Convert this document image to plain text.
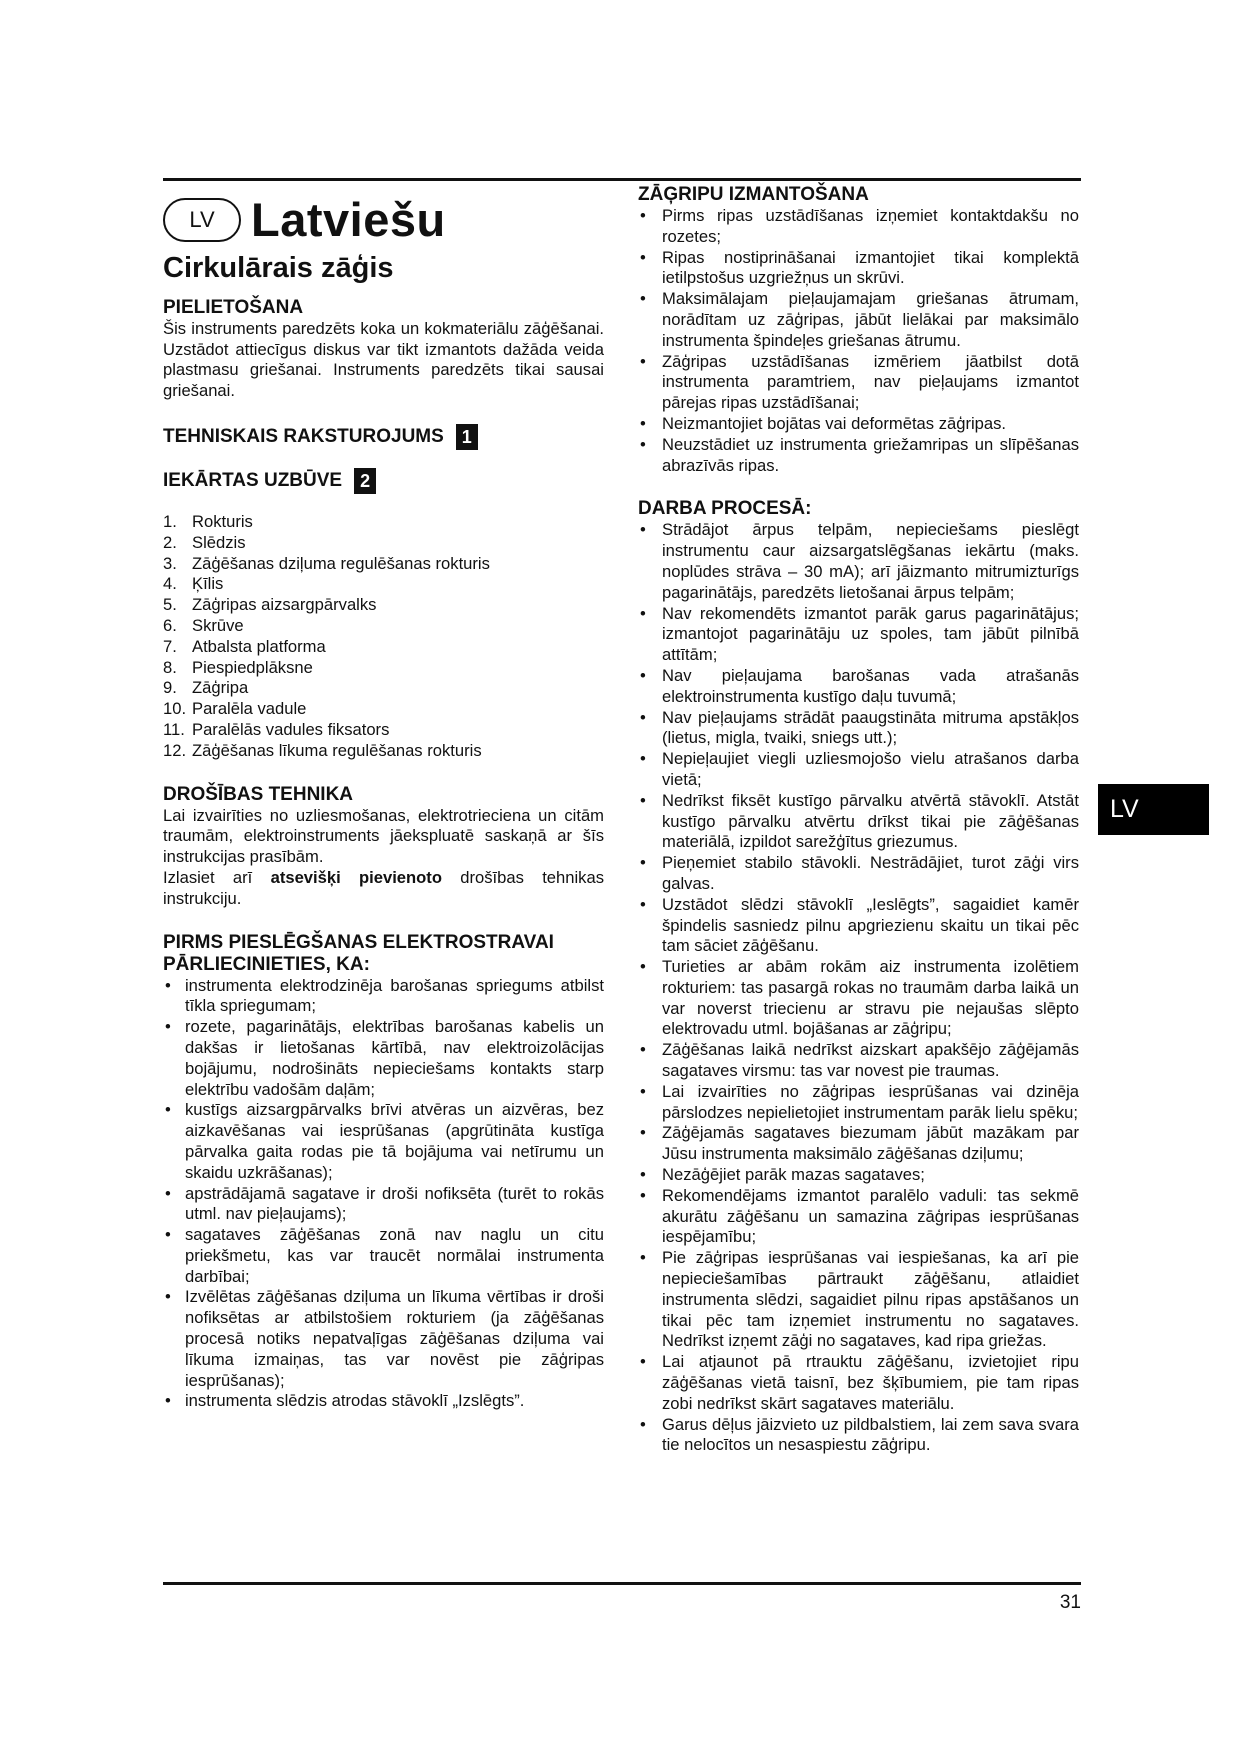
LV Latviešu
Cirkulārais zāģis
PIELIETOŠANA

Šis instruments paredzēts koka un kokmateriālu zāģēšanai. Uzstādot attiecīgus diskus var tikt izmantots dažāda veida plastmasu griešanai. Instruments paredzēts tikai sausai griešanai.

TEHNISKAIS RAKSTUROJUMS 1
IEKĀRTAS UZBŪVE 2
1. Rokturis
2. Slēdzis
3. Zāģēšanas dziļuma regulēšanas rokturis
4. Ķīlis
5. Zāģripas aizsargpārvalks
6. Skrūve
7. Atbalsta platforma
8. Piespiedplāksne
9. Zāģripa
10. Paralēla vadule
11. Paralēlās vadules fiksators
12. Zāģēšanas līkuma regulēšanas rokturis
DROŠĪBAS TEHNIKA

Lai izvairīties no uzliesmošanas, elektrotrieciena un citām traumām, elektroinstruments jāekspluatē saskaņā ar šīs instrukcijas prasībām.

Izlasiet arī atsevišķi pievienoto drošības tehnikas instrukciju.

PIRMS PIESLĒGŠANAS ELEKTROSTRAVAI PĀRLIECINIETIES, KA:
• instrumenta elektrodzinēja barošanas spriegums atbilst tīkla spriegumam;
• rozete, pagarinātājs, elektrības barošanas kabelis un dakšas ir lietošanas kārtībā, nav elektroizolācijas bojājumu, nodrošināts nepieciešams kontakts starp elektrību vadošām daļām;
• kustīgs aizsargpārvalks brīvi atvēras un aizvēras, bez aizkavēšanas vai iesprūšanas (apgrūtināta kustīga pārvalka gaita rodas pie tā bojājuma vai netīrumu un skaidu uzkrāšanas);
• apstrādājamā sagatave ir droši nofiksēta (turēt to rokās utml. nav pieļaujams);
• sagataves zāģēšanas zonā nav naglu un citu priekšmetu, kas var traucēt normālai instrumenta darbībai;
• Izvēlētas zāģēšanas dziļuma un līkuma vērtības ir droši nofiksētas ar atbilstošiem rokturiem (ja zāģēšanas procesā notiks nepatvaļīgas zāģēšanas dziļuma vai līkuma izmaiņas, tas var novēst pie zāģripas iesprūšanas);
• instrumenta slēdzis atrodas stāvoklī „Izslēgts”.
ZĀĢRIPU IZMANTOŠANA
• Pirms ripas uzstādīšanas izņemiet kontaktdakšu no rozetes;
• Ripas nostiprināšanai izmantojiet tikai komplektā ietilpstošus uzgriežņus un skrūvi.
• Maksimālajam pieļaujamajam griešanas ātrumam, norādītam uz zāģripas, jābūt lielākai par maksimālo instrumenta špindeļes griešanas ātrumu.
• Zāģripas uzstādīšanas izmēriem jāatbilst dotā instrumenta paramtriem, nav pieļaujams izmantot pārejas ripas uzstādīšanai;
• Neizmantojiet bojātas vai deformētas zāģripas.
• Neuzstādiet uz instrumenta griežamripas un slīpēšanas abrazīvās ripas.
DARBA PROCESĀ:
• Strādājot ārpus telpām, nepieciešams pieslēgt instrumentu caur aizsargatslēgšanas iekārtu (maks. noplūdes strāva – 30 mA); arī jāizmanto mitrumizturīgs pagarinātājs, paredzēts lietošanai ārpus telpām;
• Nav rekomendēts izmantot parāk garus pagarinātājus; izmantojot pagarinātāju uz spoles, tam jābūt pilnībā attītām;
• Nav pieļaujama barošanas vada atrašanās elektroinstrumenta kustīgo daļu tuvumā;
• Nav pieļaujams strādāt paaugstināta mitruma apstākļos (lietus, migla, tvaiki, sniegs utt.);
• Nepieļaujiet viegli uzliesmojošo vielu atrašanos darba vietā;
• Nedrīkst fiksēt kustīgo pārvalku atvērtā stāvoklī. Atstāt kustīgo pārvalku atvērtu drīkst tikai pie zāģēšanas materiālā, izpildot sarežģītus griezumus.
• Pieņemiet stabilo stāvokli. Nestrādājiet, turot zāģi virs galvas.
• Uzstādot slēdzi stāvoklī „Ieslēgts”, sagaidiet kamēr špindelis sasniedz pilnu apgriezienu skaitu un tikai pēc tam sāciet zāģēšanu.
• Turieties ar abām rokām aiz instrumenta izolētiem rokturiem: tas pasargā rokas no traumām darba laikā un var noverst triecienu ar stravu pie nejaušas slēpto elektrovadu utml. bojāšanas ar zāģripu;
• Zāģēšanas laikā nedrīkst aizskart apakšējo zāģējamās sagataves virsmu: tas var novest pie traumas.
• Lai izvairīties no zāģripas iesprūšanas vai dzinēja pārslodzes nepielietojiet instrumentam parāk lielu spēku;
• Zāģējamās sagataves biezumam jābūt mazākam par Jūsu instrumenta maksimālo zāģēšanas dziļumu;
• Nezāģējiet parāk mazas sagataves;
• Rekomendējams izmantot paralēlo vaduli: tas sekmē akurātu zāģēšanu un samazina zāģripas iesprūšanas iespējamību;
• Pie zāģripas iesprūšanas vai iespiešanas, ka arī pie nepieciešamības pārtraukt zāģēšanu, atlaidiet instrumenta slēdzi, sagaidiet pilnu ripas apstāšanos un tikai pēc tam izņemiet instrumentu no sagataves. Nedrīkst izņemt zāģi no sagataves, kad ripa griežas.
• Lai atjaunot pā rtrauktu zāģēšanu, izvietojiet ripu zāģēšanas vietā taisnī, bez šķībumiem, pie tam ripas zobi nedrīkst skārt sagataves materiālu.
• Garus dēļus jāizvieto uz pildbalstiem, lai zem sava svara tie nelocītos un nesaspiestu zāģripu.
LV
31
